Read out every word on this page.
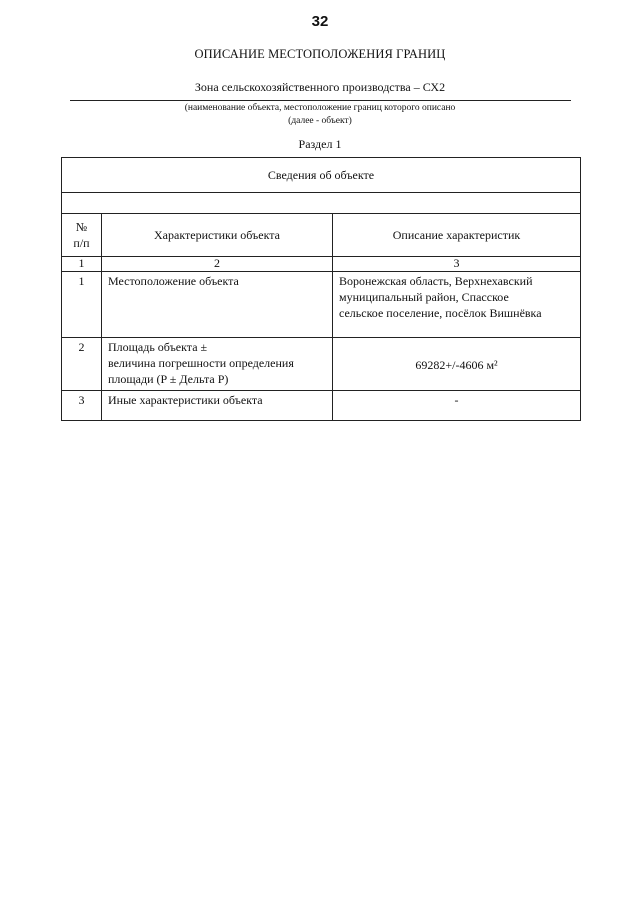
32
ОПИСАНИЕ МЕСТОПОЛОЖЕНИЯ ГРАНИЦ
Зона сельскохозяйственного производства – СХ2
(наименование объекта, местоположение границ которого описано
(далее - объект)
Раздел 1
Сведения об объекте		

№
п/п	Характеристики объекта	Описание характеристик
1	2	3
1	Местоположение объекта	Воронежская область, Верхнехавский
муниципальный район, Спасское
сельское поселение, посёлок Вишнёвка

2	Площадь объекта ±
величина погрешности определения
площади (P ± Дельта P)	69282+/-4606 м²

3	Иные характеристики объекта	-
